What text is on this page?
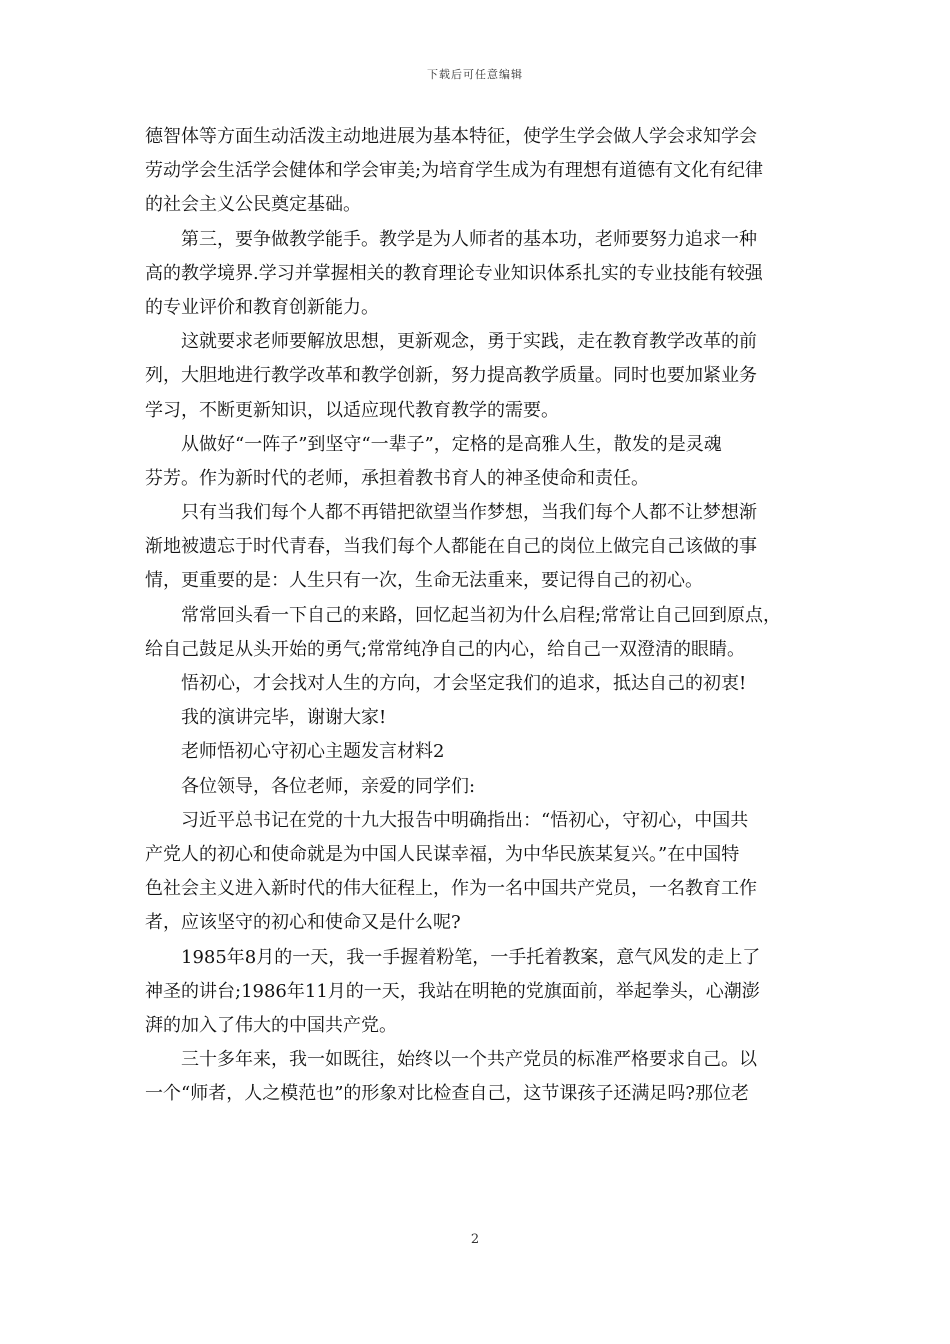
下载后可任意编辑
德智体等方面生动活泼主动地进展为基本特征，使学生学会做人学会求知学会
劳动学会生活学会健体和学会审美;为培育学生成为有理想有道德有文化有纪律
的社会主义公民奠定基础。
第三，要争做教学能手。教学是为人师者的基本功，老师要努力追求一种
高的教学境界.学习并掌握相关的教育理论专业知识体系扎实的专业技能有较强
的专业评价和教育创新能力。
这就要求老师要解放思想，更新观念，勇于实践，走在教育教学改革的前
列，大胆地进行教学改革和教学创新，努力提高教学质量。同时也要加紧业务
学习，不断更新知识，以适应现代教育教学的需要。
从做好“一阵子”到坚守“一辈子”，定格的是高雅人生，散发的是灵魂
芬芳。作为新时代的老师，承担着教书育人的神圣使命和责任。
只有当我们每个人都不再错把欲望当作梦想，当我们每个人都不让梦想渐
渐地被遗忘于时代青春，当我们每个人都能在自己的岗位上做完自己该做的事
情，更重要的是：人生只有一次，生命无法重来，要记得自己的初心。
常常回头看一下自己的来路，回忆起当初为什么启程;常常让自己回到原点，
给自己鼓足从头开始的勇气;常常纯净自己的内心，给自己一双澄清的眼睛。
悟初心，才会找对人生的方向，才会坚定我们的追求，抵达自己的初衷!
我的演讲完毕，谢谢大家!
老师悟初心守初心主题发言材料2
各位领导，各位老师，亲爱的同学们:
习近平总书记在党的十九大报告中明确指出：“悟初心，守初心，中国共
产党人的初心和使命就是为中国人民谋幸福，为中华民族某复兴。”在中国特
色社会主义进入新时代的伟大征程上，作为一名中国共产党员，一名教育工作
者，应该坚守的初心和使命又是什么呢?
1985年8月的一天，我一手握着粉笔，一手托着教案，意气风发的走上了
神圣的讲台;1986年11月的一天，我站在明艳的党旗面前，举起拳头，心潮澎
湃的加入了伟大的中国共产党。
三十多年来，我一如既往，始终以一个共产党员的标准严格要求自己。以
一个“师者，人之模范也”的形象对比检查自己，这节课孩子还满足吗?那位老
2
